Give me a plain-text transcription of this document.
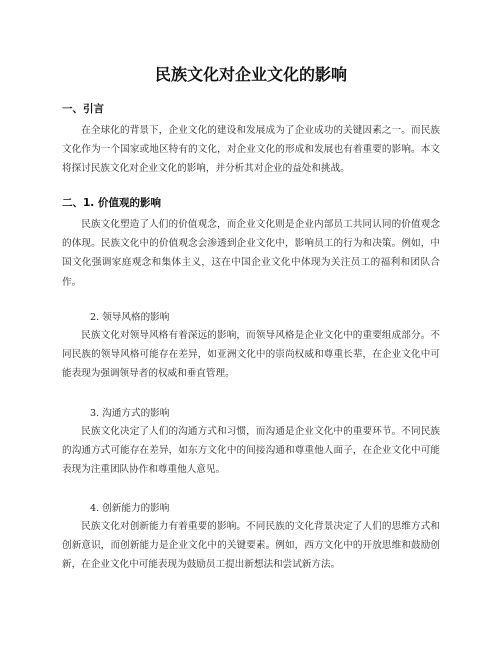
民族文化对企业文化的影响
一、引言

在全球化的背景下，企业文化的建设和发展成为了企业成功的关键因素之一。而民族文化作为一个国家或地区特有的文化，对企业文化的形成和发展也有着重要的影响。本文将探讨民族文化对企业文化的影响，并分析其对企业的益处和挑战。

二、1. 价值观的影响

民族文化塑造了人们的价值观念，而企业文化则是企业内部员工共同认同的价值观念的体现。民族文化中的价值观念会渗透到企业文化中，影响员工的行为和决策。例如，中国文化强调家庭观念和集体主义，这在中国企业文化中体现为关注员工的福利和团队合作。

2. 领导风格的影响

民族文化对领导风格有着深远的影响，而领导风格是企业文化中的重要组成部分。不同民族的领导风格可能存在差异，如亚洲文化中的崇尚权威和尊重长辈，在企业文化中可能表现为强调领导者的权威和垂直管理。

3. 沟通方式的影响

民族文化决定了人们的沟通方式和习惯，而沟通是企业文化中的重要环节。不同民族的沟通方式可能存在差异，如东方文化中的间接沟通和尊重他人面子，在企业文化中可能表现为注重团队协作和尊重他人意见。

4. 创新能力的影响

民族文化对创新能力有着重要的影响。不同民族的文化背景决定了人们的思维方式和创新意识，而创新能力是企业文化中的关键要素。例如，西方文化中的开放思维和鼓励创新，在企业文化中可能表现为鼓励员工提出新想法和尝试新方法。
